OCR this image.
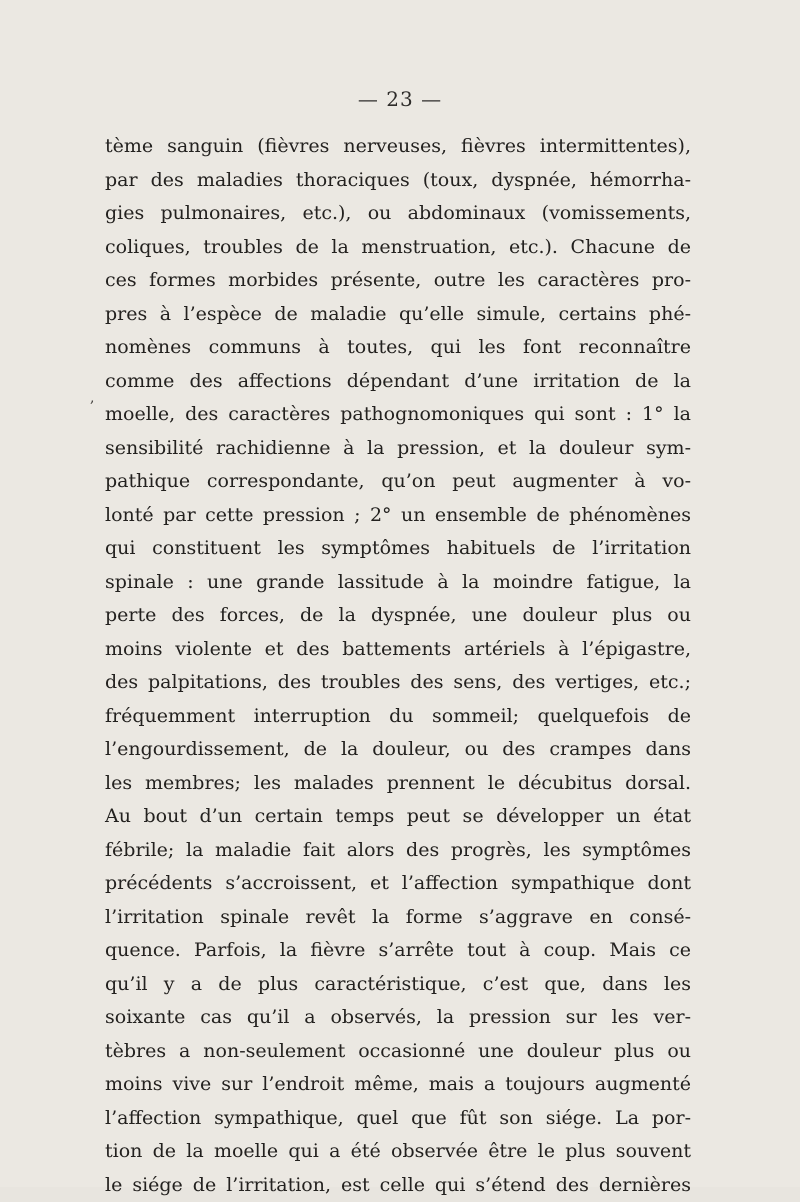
— 23 —
,
tème sanguin (fièvres nerveuses, fièvres intermittentes),
par des maladies thoraciques (toux, dyspnée, hémorrha-
gies pulmonaires, etc.), ou abdominaux (vomissements,
coliques, troubles de la menstruation, etc.). Chacune de
ces formes morbides présente, outre les caractères pro-
pres à l’espèce de maladie qu’elle simule, certains phé-
nomènes communs à toutes, qui les font reconnaître
comme des affections dépendant d’une irritation de la
moelle, des caractères pathognomoniques qui sont : 1° la
sensibilité rachidienne à la pression, et la douleur sym-
pathique correspondante, qu’on peut augmenter à vo-
lonté par cette pression ; 2° un ensemble de phénomènes
qui constituent les symptômes habituels de l’irritation
spinale : une grande lassitude à la moindre fatigue, la
perte des forces, de la dyspnée, une douleur plus ou
moins violente et des battements artériels à l’épigastre,
des palpitations, des troubles des sens, des vertiges, etc.;
fréquemment interruption du sommeil; quelquefois de
l’engourdissement, de la douleur, ou des crampes dans
les membres; les malades prennent le décubitus dorsal.
Au bout d’un certain temps peut se développer un état
fébrile; la maladie fait alors des progrès, les symptômes
précédents s’accroissent, et l’affection sympathique dont
l’irritation spinale revêt la forme s’aggrave en consé-
quence. Parfois, la fièvre s’arrête tout à coup. Mais ce
qu’il y a de plus caractéristique, c’est que, dans les
soixante cas qu’il a observés, la pression sur les ver-
tèbres a non-seulement occasionné une douleur plus ou
moins vive sur l’endroit même, mais a toujours augmenté
l’affection sympathique, quel que fût son siége. La por-
tion de la moelle qui a été observée être le plus souvent
le siége de l’irritation, est celle qui s’étend des dernières
